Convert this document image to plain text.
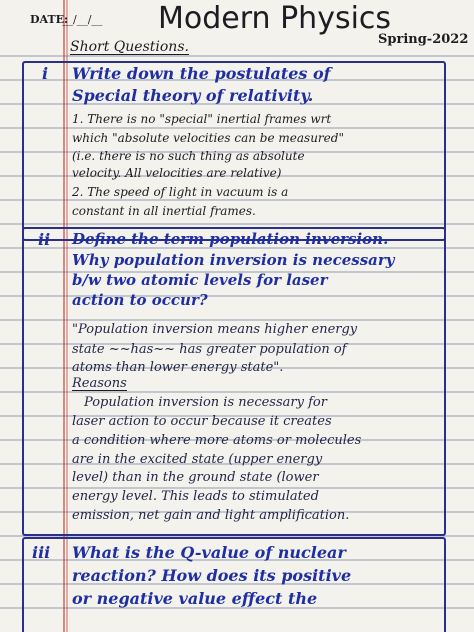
DATE:
__/__/__ Modern Physics
Spring-2022
Short Questions.
i Write down the postulates of
Special theory of relativity.
1. There is no "special" inertial frames wrt
which "absolute velocities can be measured"
(i.e. there is no such thing as absolute
velocity. All velocities are relative)
2. The speed of light in vacuum is a
constant in all inertial frames.
ii Define the term population inversion.
Why population inversion is necessary
b/w two atomic levels for laser
action to occur?
"Population inversion means higher energy
state ~~has~~ has greater population of
atoms than lower energy state".
Reasons
Population inversion is necessary for
laser action to occur because it creates
a condition where more atoms or molecules
are in the excited state (upper energy
level) than in the ground state (lower
energy level. This leads to stimulated
emission, net gain and light amplification.
iii What is the Q-value of nuclear
reaction? How does its positive
or negative value effect the
